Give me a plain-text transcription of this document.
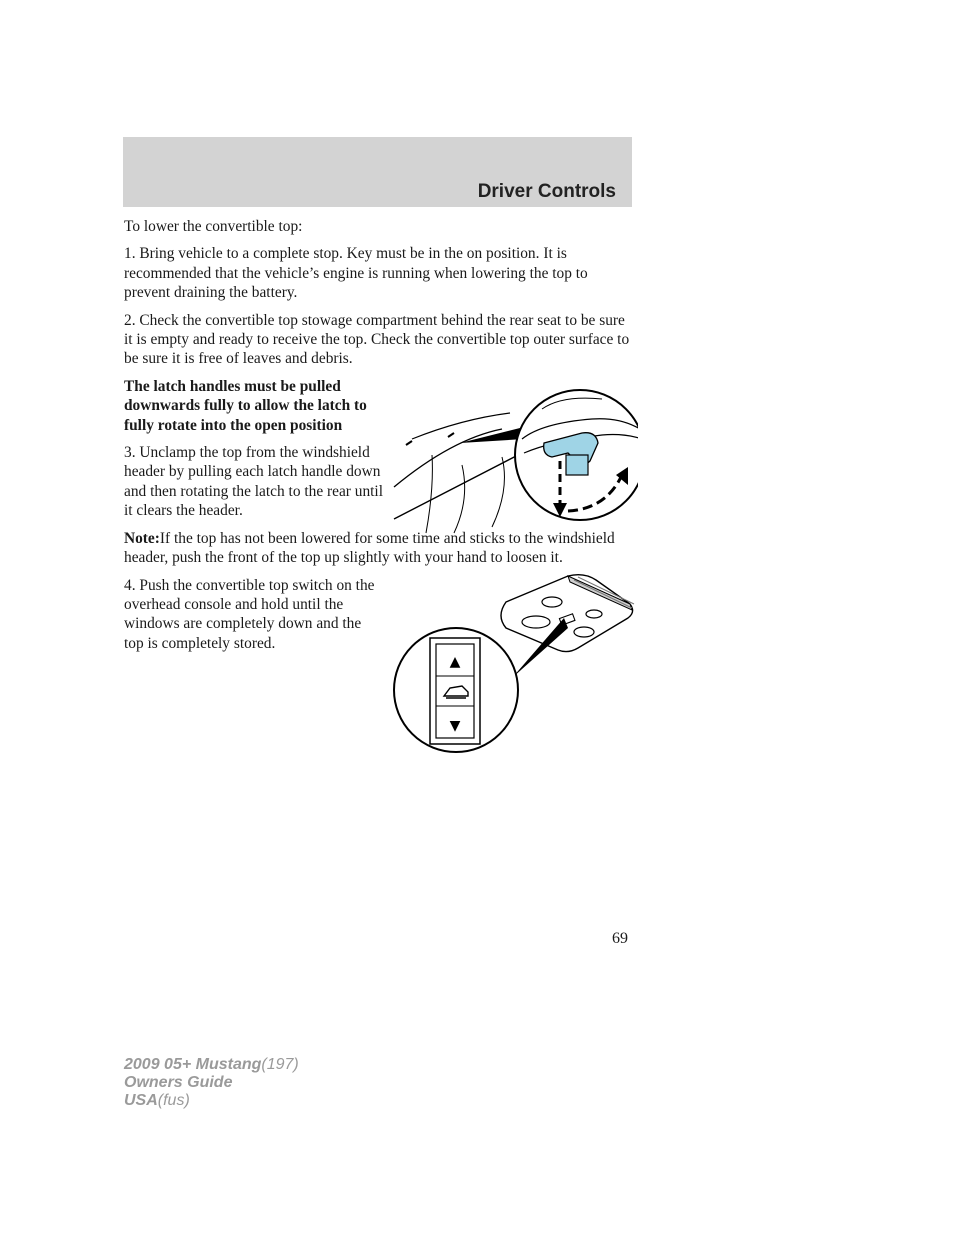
Driver Controls

To lower the convertible top:

1. Bring vehicle to a complete stop. Key must be in the on position. It is recommended that the vehicle’s engine is running when lowering the top to prevent draining the battery.

2. Check the convertible top stowage compartment behind the rear seat to be sure it is empty and ready to receive the top. Check the convertible top outer surface to be sure it is free of leaves and debris.

The latch handles must be pulled downwards fully to allow the latch to fully rotate into the open position

3. Unclamp the top from the windshield header by pulling each latch handle down and then rotating the latch to the rear until it clears the header.

Note:If the top has not been lowered for some time and sticks to the windshield header, push the front of the top up slightly with your hand to loosen it.

4. Push the convertible top switch on the overhead console and hold until the windows are completely down and the top is completely stored.

▲
▼
69
2009 05+ Mustang(197)
Owners Guide
USA(fus)
